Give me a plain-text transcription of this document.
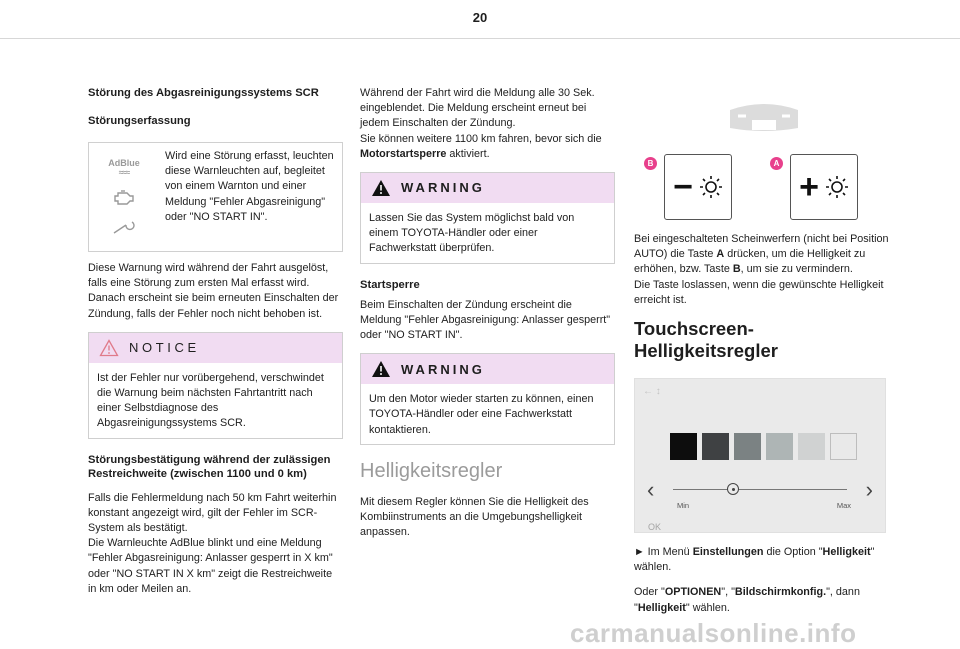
20
Störung des Abgasreinigungssystems SCR
Störungserfassung
AdBlue
≈≈≈
Wird eine Störung erfasst, leuchten diese Warnleuchten auf, begleitet von einem Warnton und einer Meldung "Fehler Abgasreinigung" oder "NO START IN".
Diese Warnung wird während der Fahrt ausgelöst, falls eine Störung zum ersten Mal erfasst wird.
Danach erscheint sie beim erneuten Einschalten der Zündung, falls der Fehler noch nicht behoben ist.
NOTICE
Ist der Fehler nur vorübergehend, verschwindet die Warnung beim nächsten Fahrtantritt nach einer Selbstdiagnose des Abgasreinigungssystems SCR.
Störungsbestätigung während der zulässigen Restreichweite (zwischen 1100 und 0 km)
Falls die Fehlermeldung nach 50 km Fahrt weiterhin konstant angezeigt wird, gilt der Fehler im SCR-System als bestätigt.
Die Warnleuchte AdBlue blinkt und eine Meldung "Fehler Abgasreinigung: Anlasser gesperrt in X km" oder "NO START IN X km" zeigt die Restreichweite in km oder Meilen an.
Während der Fahrt wird die Meldung alle 30 Sek. eingeblendet. Die Meldung erscheint erneut bei jedem Einschalten der Zündung.
Sie können weitere 1100 km fahren, bevor sich die Motorstartsperre aktiviert.
WARNING
Lassen Sie das System möglichst bald von einem TOYOTA-Händler oder einer Fachwerkstatt überprüfen.
Startsperre
Beim Einschalten der Zündung erscheint die Meldung "Fehler Abgasreinigung: Anlasser gesperrt" oder "NO START IN".
WARNING
Um den Motor wieder starten zu können, einen TOYOTA-Händler oder eine Fachwerkstatt kontaktieren.
Helligkeitsregler
Mit diesem Regler können Sie die Helligkeit des Kombiinstruments an die Umgebungshelligkeit anpassen.
B
−
A
+
Bei eingeschalteten Scheinwerfern (nicht bei Position AUTO) die Taste A drücken, um die Helligkeit zu erhöhen, bzw. Taste B, um sie zu vermindern.
Die Taste loslassen, wenn die gewünschte Helligkeit erreicht ist.
Touchscreen-Helligkeitsregler
← ↕
‹	›
Min	Max
OK
► Im Menü Einstellungen die Option "Helligkeit" wählen.
Oder "OPTIONEN", "Bildschirmkonfig.", dann "Helligkeit" wählen.
carmanualsonline.info
